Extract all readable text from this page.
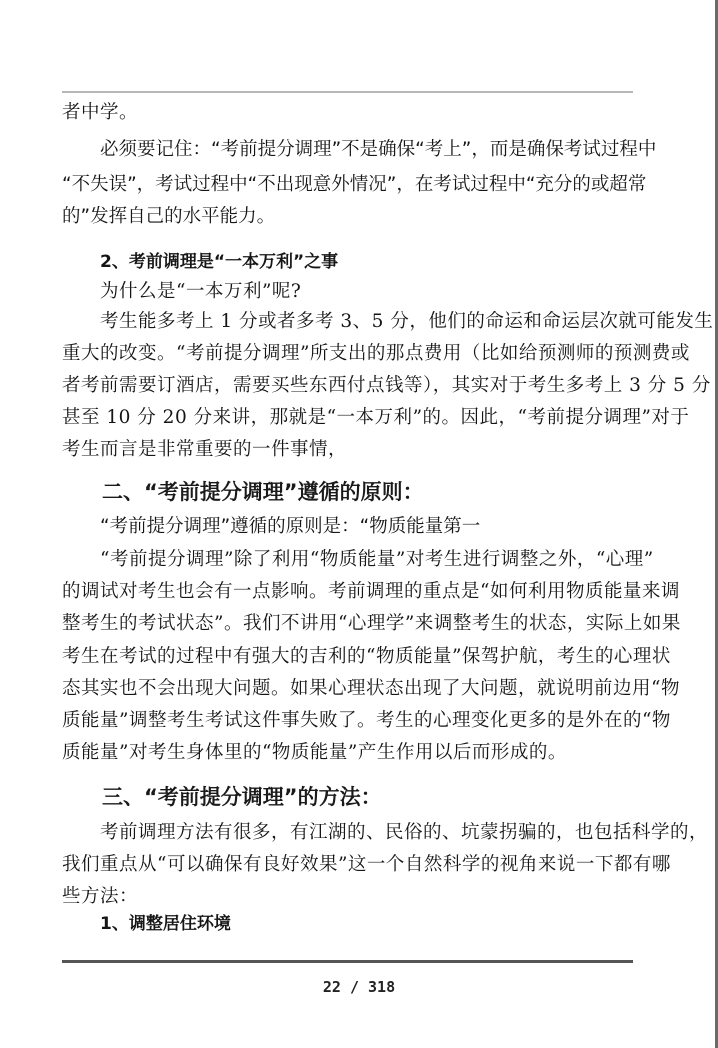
者中学。
必须要记住：“考前提分调理”不是确保“考上”，而是确保考试过程中
“不失误”，考试过程中“不出现意外情况”，在考试过程中“充分的或超常
的”发挥自己的水平能力。
2、考前调理是“一本万利”之事
为什么是“一本万利”呢?
考生能多考上 1 分或者多考 3、5 分，他们的命运和命运层次就可能发生
重大的改变。“考前提分调理”所支出的那点费用（比如给预测师的预测费或
者考前需要订酒店，需要买些东西付点钱等），其实对于考生多考上 3 分 5 分
甚至 10 分 20 分来讲，那就是“一本万利”的。因此，“考前提分调理”对于
考生而言是非常重要的一件事情，
二、“考前提分调理”遵循的原则：
“考前提分调理”遵循的原则是：“物质能量第一
“考前提分调理”除了利用“物质能量”对考生进行调整之外，“心理”
的调试对考生也会有一点影响。考前调理的重点是“如何利用物质能量来调
整考生的考试状态”。我们不讲用“心理学”来调整考生的状态，实际上如果
考生在考试的过程中有强大的吉利的“物质能量”保驾护航，考生的心理状
态其实也不会出现大问题。如果心理状态出现了大问题，就说明前边用“物
质能量”调整考生考试这件事失败了。考生的心理变化更多的是外在的“物
质能量”对考生身体里的“物质能量”产生作用以后而形成的。
三、“考前提分调理”的方法：
考前调理方法有很多，有江湖的、民俗的、坑蒙拐骗的，也包括科学的，
我们重点从“可以确保有良好效果”这一个自然科学的视角来说一下都有哪
些方法：
1、调整居住环境
22 / 318
